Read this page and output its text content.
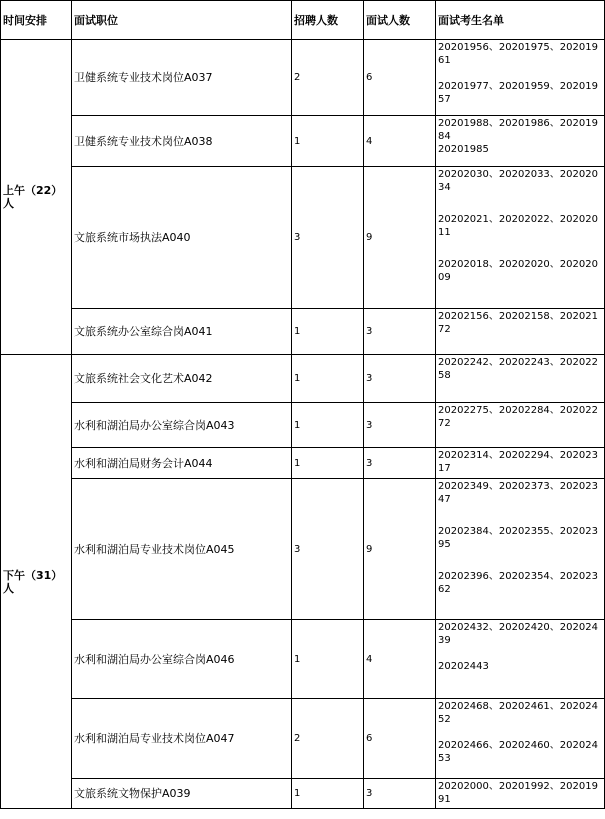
时间安排	面试职位	招聘人数	面试人数	面试考生名单
上午（22）人	卫健系统专业技术岗位A037	2	6	20201956、20201975、20201961
20201977、20201959、20201957

	卫健系统专业技术岗位A038	1	4	20201988、20201986、20201984
20201985

	文旅系统市场执法A040	3	9	20202030、20202033、20202034
20202021、20202022、20202011
20202018、20202020、20202009

	文旅系统办公室综合岗A041	1	3	20202156、20202158、20202172

下午（31）人	文旅系统社会文化艺术A042	1	3	20202242、20202243、20202258

	水利和湖泊局办公室综合岗A043	1	3	20202275、20202284、20202272

	水利和湖泊局财务会计A044	1	3	20202314、20202294、20202317

	水利和湖泊局专业技术岗位A045	3	9	20202349、20202373、20202347
20202384、20202355、20202395
20202396、20202354、20202362

	水利和湖泊局办公室综合岗A046	1	4	20202432、20202420、20202439
20202443

	水利和湖泊局专业技术岗位A047	2	6	20202468、20202461、20202452
20202466、20202460、20202453

	文旅系统文物保护A039	1	3	20202000、20201992、20201991
